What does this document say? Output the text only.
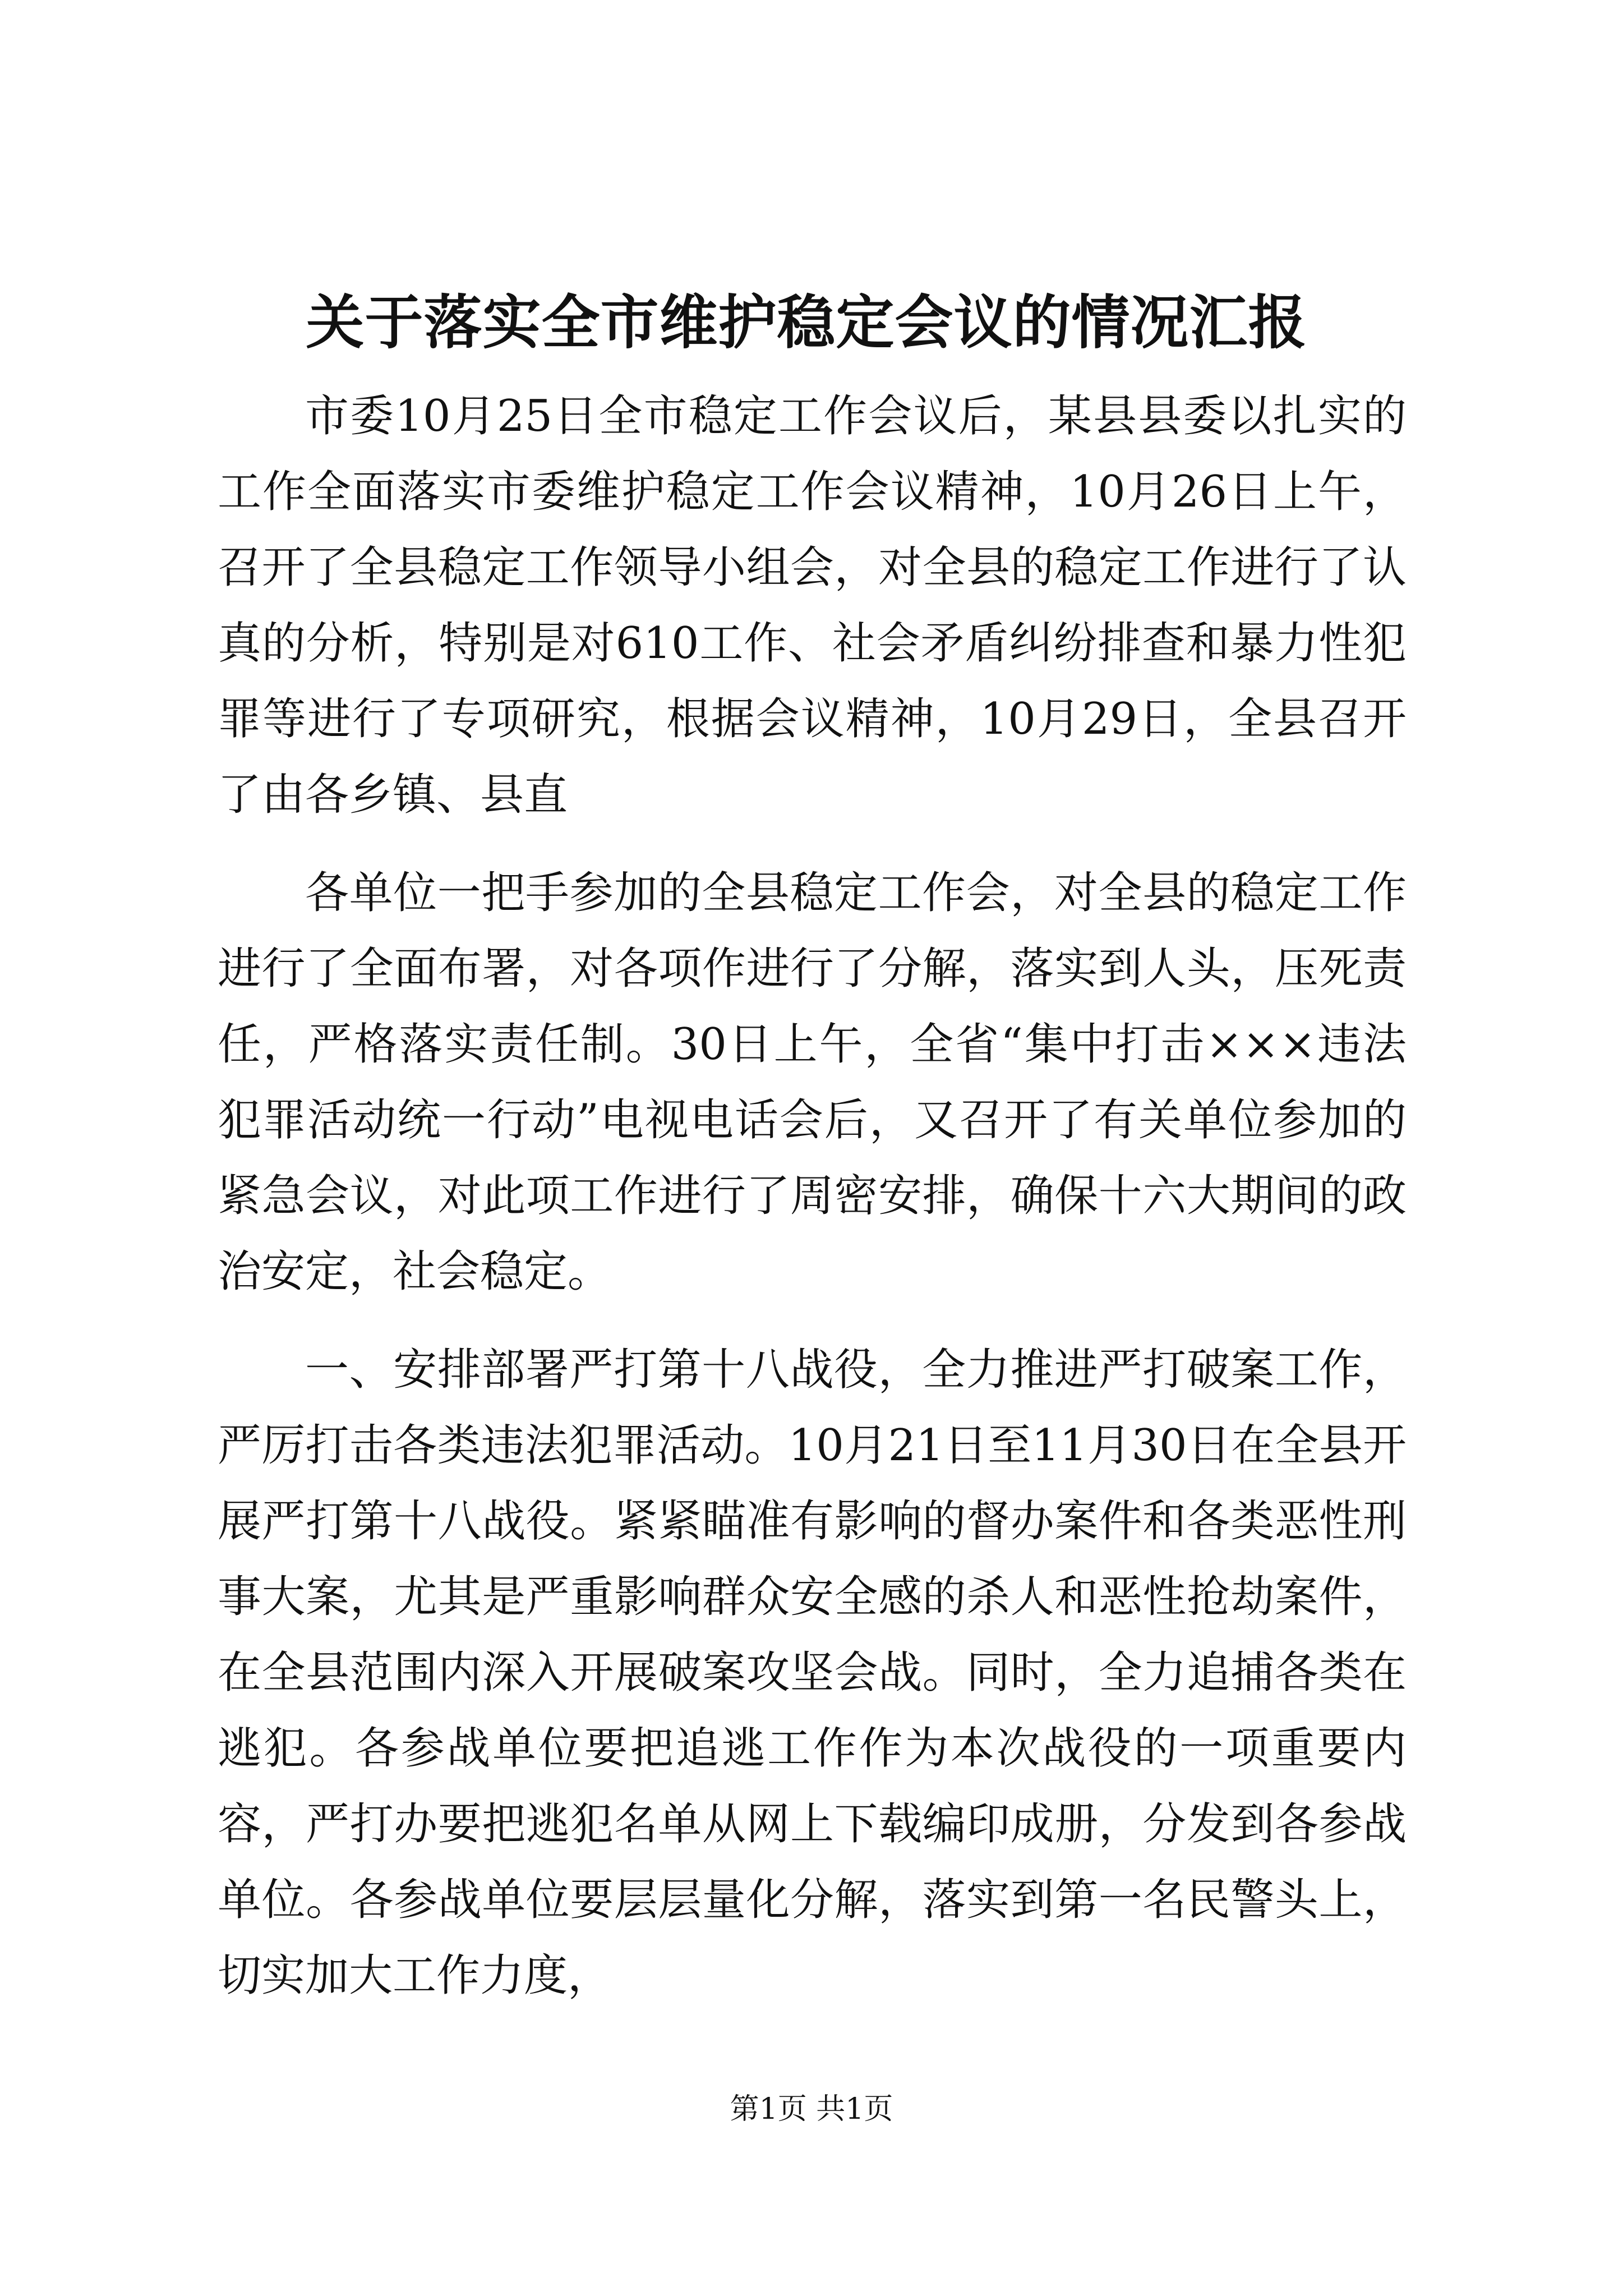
关于落实全市维护稳定会议的情况汇报

市委10月25日全市稳定工作会议后，某县县委以扎实的工作全面落实市委维护稳定工作会议精神，10月26日上午，召开了全县稳定工作领导小组会，对全县的稳定工作进行了认真的分析，特别是对610工作、社会矛盾纠纷排查和暴力性犯罪等进行了专项研究，根据会议精神，10月29日，全县召开了由各乡镇、县直

各单位一把手参加的全县稳定工作会，对全县的稳定工作进行了全面布署，对各项作进行了分解，落实到人头，压死责任，严格落实责任制。30日上午，全省“集中打击×××违法犯罪活动统一行动”电视电话会后，又召开了有关单位参加的紧急会议，对此项工作进行了周密安排，确保十六大期间的政治安定，社会稳定。

一、安排部署严打第十八战役，全力推进严打破案工作，严厉打击各类违法犯罪活动。10月21日至11月30日在全县开展严打第十八战役。紧紧瞄准有影响的督办案件和各类恶性刑事大案，尤其是严重影响群众安全感的杀人和恶性抢劫案件，在全县范围内深入开展破案攻坚会战。同时，全力追捕各类在逃犯。各参战单位要把追逃工作作为本次战役的一项重要内容，严打办要把逃犯名单从网上下载编印成册，分发到各参战单位。各参战单位要层层量化分解，落实到第一名民警头上，切实加大工作力度，

第1页 共1页
